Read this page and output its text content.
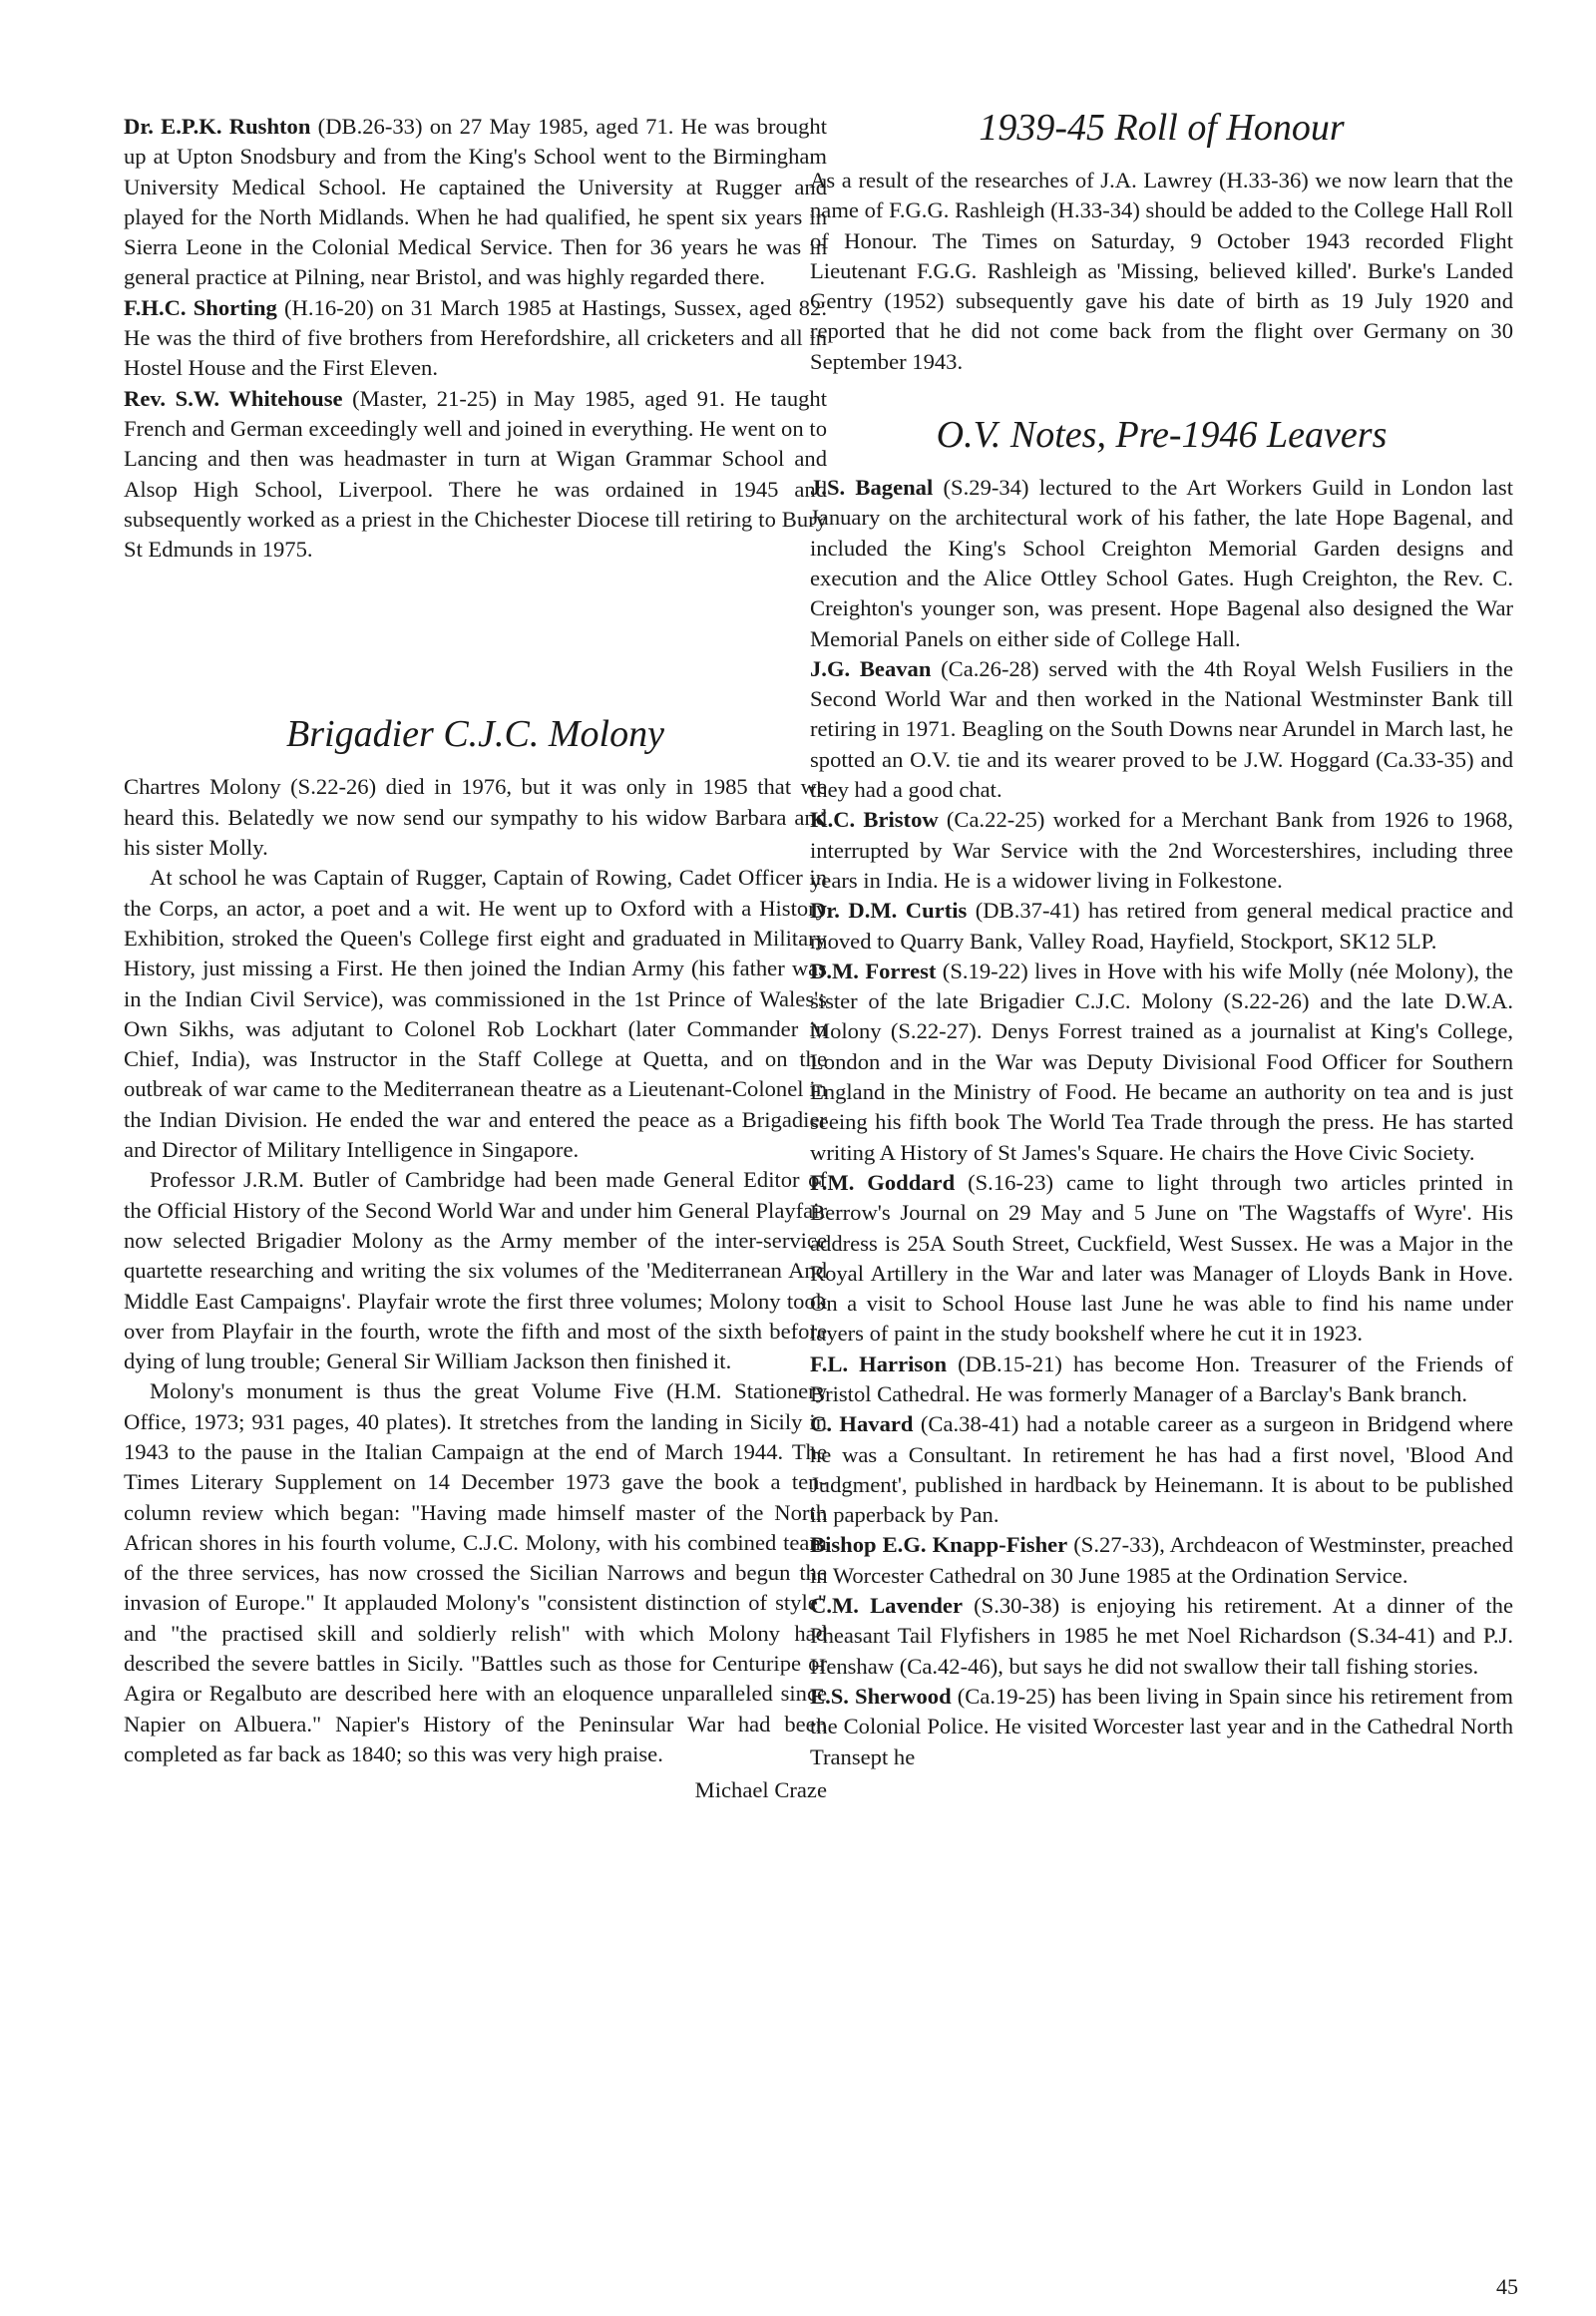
Dr. E.P.K. Rushton (DB.26-33) on 27 May 1985, aged 71. He was brought up at Upton Snodsbury and from the King's School went to the Birmingham University Medical School. He captained the University at Rugger and played for the North Midlands. When he had qualified, he spent six years in Sierra Leone in the Colonial Medical Service. Then for 36 years he was in general practice at Pilning, near Bristol, and was highly regarded there.

F.H.C. Shorting (H.16-20) on 31 March 1985 at Hastings, Sussex, aged 82. He was the third of five brothers from Herefordshire, all cricketers and all in Hostel House and the First Eleven.

Rev. S.W. Whitehouse (Master, 21-25) in May 1985, aged 91. He taught French and German exceedingly well and joined in everything. He went on to Lancing and then was headmaster in turn at Wigan Grammar School and Alsop High School, Liverpool. There he was ordained in 1945 and subsequently worked as a priest in the Chichester Diocese till retiring to Bury St Edmunds in 1975.

Brigadier C.J.C. Molony

Chartres Molony (S.22-26) died in 1976, but it was only in 1985 that we heard this. Belatedly we now send our sympathy to his widow Barbara and his sister Molly.

At school he was Captain of Rugger, Captain of Rowing, Cadet Officer in the Corps, an actor, a poet and a wit. He went up to Oxford with a History Exhibition, stroked the Queen's College first eight and graduated in Military History, just missing a First. He then joined the Indian Army (his father was in the Indian Civil Service), was commissioned in the 1st Prince of Wales's Own Sikhs, was adjutant to Colonel Rob Lockhart (later Commander in Chief, India), was Instructor in the Staff College at Quetta, and on the outbreak of war came to the Mediterranean theatre as a Lieutenant-Colonel in the Indian Division. He ended the war and entered the peace as a Brigadier and Director of Military Intelligence in Singapore.

Professor J.R.M. Butler of Cambridge had been made General Editor of the Official History of the Second World War and under him General Playfair now selected Brigadier Molony as the Army member of the inter-service quartette researching and writing the six volumes of the 'Mediterranean And Middle East Campaigns'. Playfair wrote the first three volumes; Molony took over from Playfair in the fourth, wrote the fifth and most of the sixth before dying of lung trouble; General Sir William Jackson then finished it.

Molony's monument is thus the great Volume Five (H.M. Stationery Office, 1973; 931 pages, 40 plates). It stretches from the landing in Sicily in 1943 to the pause in the Italian Campaign at the end of March 1944. The Times Literary Supplement on 14 December 1973 gave the book a ten-column review which began: "Having made himself master of the North African shores in his fourth volume, C.J.C. Molony, with his combined team of the three services, has now crossed the Sicilian Narrows and begun the invasion of Europe." It applauded Molony's "consistent distinction of style" and "the practised skill and soldierly relish" with which Molony had described the severe battles in Sicily. "Battles such as those for Centuripe or Agira or Regalbuto are described here with an eloquence unparalleled since Napier on Albuera." Napier's History of the Peninsular War had been completed as far back as 1840; so this was very high praise.

Michael Craze

1939-45 Roll of Honour

As a result of the researches of J.A. Lawrey (H.33-36) we now learn that the name of F.G.G. Rashleigh (H.33-34) should be added to the College Hall Roll of Honour. The Times on Saturday, 9 October 1943 recorded Flight Lieutenant F.G.G. Rashleigh as 'Missing, believed killed'. Burke's Landed Gentry (1952) subsequently gave his date of birth as 19 July 1920 and reported that he did not come back from the flight over Germany on 30 September 1943.

O.V. Notes, Pre-1946 Leavers

J.S. Bagenal (S.29-34) lectured to the Art Workers Guild in London last January on the architectural work of his father, the late Hope Bagenal, and included the King's School Creighton Memorial Garden designs and execution and the Alice Ottley School Gates. Hugh Creighton, the Rev. C. Creighton's younger son, was present. Hope Bagenal also designed the War Memorial Panels on either side of College Hall.

J.G. Beavan (Ca.26-28) served with the 4th Royal Welsh Fusiliers in the Second World War and then worked in the National Westminster Bank till retiring in 1971. Beagling on the South Downs near Arundel in March last, he spotted an O.V. tie and its wearer proved to be J.W. Hoggard (Ca.33-35) and they had a good chat.

K.C. Bristow (Ca.22-25) worked for a Merchant Bank from 1926 to 1968, interrupted by War Service with the 2nd Worcestershires, including three years in India. He is a widower living in Folkestone.

Dr. D.M. Curtis (DB.37-41) has retired from general medical practice and moved to Quarry Bank, Valley Road, Hayfield, Stockport, SK12 5LP.

D.M. Forrest (S.19-22) lives in Hove with his wife Molly (née Molony), the sister of the late Brigadier C.J.C. Molony (S.22-26) and the late D.W.A. Molony (S.22-27). Denys Forrest trained as a journalist at King's College, London and in the War was Deputy Divisional Food Officer for Southern England in the Ministry of Food. He became an authority on tea and is just seeing his fifth book The World Tea Trade through the press. He has started writing A History of St James's Square. He chairs the Hove Civic Society.

F.M. Goddard (S.16-23) came to light through two articles printed in Berrow's Journal on 29 May and 5 June on 'The Wagstaffs of Wyre'. His address is 25A South Street, Cuckfield, West Sussex. He was a Major in the Royal Artillery in the War and later was Manager of Lloyds Bank in Hove. On a visit to School House last June he was able to find his name under layers of paint in the study bookshelf where he cut it in 1923.

F.L. Harrison (DB.15-21) has become Hon. Treasurer of the Friends of Bristol Cathedral. He was formerly Manager of a Barclay's Bank branch.

C. Havard (Ca.38-41) had a notable career as a surgeon in Bridgend where he was a Consultant. In retirement he has had a first novel, 'Blood And Judgment', published in hardback by Heinemann. It is about to be published in paperback by Pan.

Bishop E.G. Knapp-Fisher (S.27-33), Archdeacon of Westminster, preached in Worcester Cathedral on 30 June 1985 at the Ordination Service.

C.M. Lavender (S.30-38) is enjoying his retirement. At a dinner of the Pheasant Tail Flyfishers in 1985 he met Noel Richardson (S.34-41) and P.J. Henshaw (Ca.42-46), but says he did not swallow their tall fishing stories.

E.S. Sherwood (Ca.19-25) has been living in Spain since his retirement from the Colonial Police. He visited Worcester last year and in the Cathedral North Transept he

45
